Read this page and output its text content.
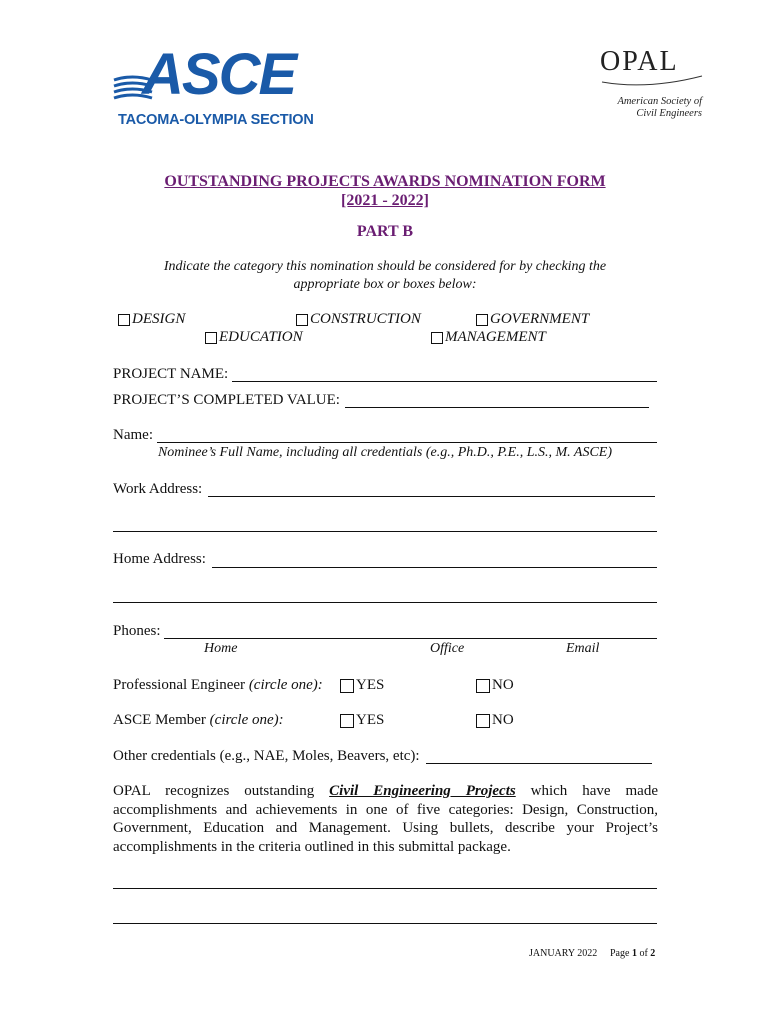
ASCE
TACOMA-OLYMPIA SECTION
OPAL
American Society of
Civil Engineers
OUTSTANDING PROJECTS AWARDS NOMINATION FORM
[2021 - 2022]
PART B
Indicate the category this nomination should be considered for by checking the appropriate box or boxes below:
DESIGN	CONSTRUCTION	GOVERNMENT
EDUCATION	MANAGEMENT
PROJECT NAME:
PROJECT’S COMPLETED VALUE:
Name:
Nominee’s Full Name, including all credentials (e.g., Ph.D., P.E., L.S., M. ASCE)
Work Address:
Home Address:
Phones:
Home	Office	Email
Professional Engineer (circle one): YES	NO
ASCE Member (circle one):	YES	NO
Other credentials (e.g., NAE, Moles, Beavers, etc):
OPAL recognizes outstanding Civil Engineering Projects which have made accomplishments and achievements in one of five categories: Design, Construction, Government, Education and Management. Using bullets, describe your Project’s accomplishments in the criteria outlined in this submittal package.
JANUARY 2022 Page 1 of 2
